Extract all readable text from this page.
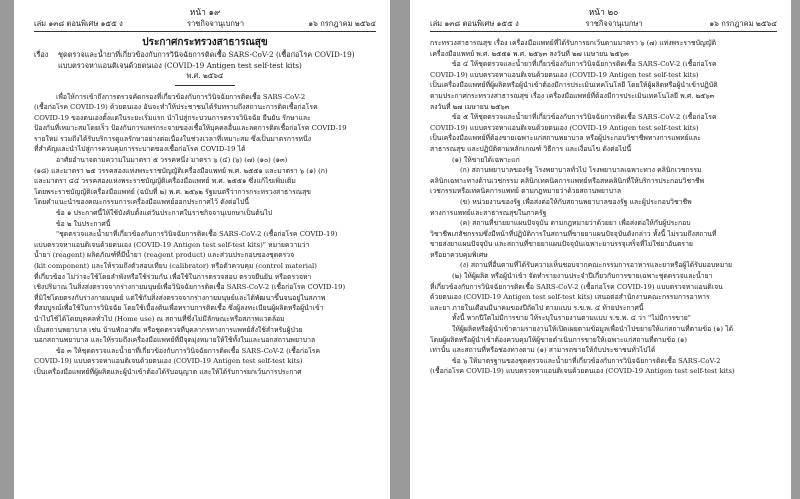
หน้า ๑๙
เล่ม ๑๓๘ ตอนพิเศษ ๑๕๕ ง	ราชกิจจานุเบกษา	๑๖ กรกฎาคม ๒๕๖๔
ประกาศกระทรวงสาธารณสุข

เรื่อง ชุดตรวจและน้ำยาที่เกี่ยวข้องกับการวินิจฉัยการติดเชื้อ SARS-CoV-2 (เชื้อก่อโรค COVID-19)

แบบตรวจหาแอนติเจนด้วยตนเอง (COVID-19 Antigen test self-test kits)

พ.ศ. ๒๕๖๔

เพื่อให้การเข้าถึงการตรวจคัดกรองที่เกี่ยวข้องกับการวินิจฉัยการติดเชื้อ SARS-CoV-2

(เชื้อก่อโรค COVID-19) ด้วยตนเอง อันจะทำให้ประชาชนได้รับทราบถึงสถานะการติดเชื้อก่อโรค

COVID-19 ของตนเองตั้งแต่ในระยะเริ่มแรก นำไปสู่กระบวนการตรวจวินิจฉัย ยืนยัน รักษาและ

ป้องกันที่เหมาะสมโดยเร็ว ป้องกันการแพร่กระจายของเชื้อให้บุคคลอื่นและลดการติดเชื้อก่อโรค COVID-19

รายใหม่ รวมถึงได้รับบริการดูแลรักษาอย่างต่อเนื่องในช่วงเวลาที่เหมาะสม ซึ่งเป็นมาตรการหนึ่ง

ที่สำคัญและนำไปสู่การควบคุมการระบาดของเชื้อก่อโรค COVID-19 ได้

อาศัยอำนาจตามความในมาตรา ๕ วรรคหนึ่ง มาตรา ๖ (๔) (๖) (๗) (๑๐) (๑๓)

(๑๘) และมาตรา ๒๕ วรรคสองแห่งพระราชบัญญัติเครื่องมือแพทย์ พ.ศ. ๒๕๕๑ และมาตรา ๖ (๑) (ก)

และมาตรา ๔๔ วรรคสองแห่งพระราชบัญญัติเครื่องมือแพทย์ พ.ศ. ๒๕๕๑ ซึ่งแก้ไขเพิ่มเติม

โดยพระราชบัญญัติเครื่องมือแพทย์ (ฉบับที่ ๒) พ.ศ. ๒๕๖๒ รัฐมนตรีว่าการกระทรวงสาธารณสุข

โดยคำแนะนำของคณะกรรมการเครื่องมือแพทย์ออกประกาศไว้ ดังต่อไปนี้

ข้อ ๑ ประกาศนี้ให้ใช้บังคับตั้งแต่วันประกาศในราชกิจจานุเบกษาเป็นต้นไป

ข้อ ๒ ในประกาศนี้

"ชุดตรวจและน้ำยาที่เกี่ยวข้องกับการวินิจฉัยการติดเชื้อ SARS-CoV-2 (เชื้อก่อโรค COVID-19)

แบบตรวจหาแอนติเจนด้วยตนเอง (COVID-19 Antigen test self-test kits)" หมายความว่า

น้ำยา (reagent) ผลิตภัณฑ์ที่มีน้ำยา (reagent product) และส่วนประกอบของชุดตรวจ

(kit component) และให้รวมถึงตัวสอบเทียบ (calibrator) หรือตัวควบคุม (control material)

ที่เกี่ยวข้อง ไม่ว่าจะใช้โดยลำพังหรือใช้ร่วมกัน เพื่อใช้ในการตรวจสอบ ตรวจยืนยัน หรือตรวจหา

เชิงปริมาณ ในสิ่งส่งตรวจจากร่างกายมนุษย์เพื่อวินิจฉัยการติดเชื้อ SARS-CoV-2 (เชื้อก่อโรค COVID-19)

ที่มิใช่โดยตรงกับร่างกายมนุษย์ แต่ใช้กับสิ่งส่งตรวจจากร่างกายมนุษย์และได้พัฒนาขึ้นจนอยู่ในสภาพ

ที่สมบูรณ์เพื่อใช้ในการวินิจฉัย โดยใช้เบื้องต้นเพื่อทราบการติดเชื้อ ซึ่งผู้ลงทะเบียนผู้ผลิตหรือผู้นำเข้า

นำไปใช้ได้โดยบุคคลทั่วไป (Home use) ณ สถานที่ซึ่งไม่มีลักษณะหรือสภาพแวดล้อม

เป็นสถานพยาบาล เช่น บ้านพักอาศัย หรือชุดตรวจที่บุคลากรทางการแพทย์สั่งใช้สำหรับผู้ป่วย

นอกสถานพยาบาล และให้รวมถึงเครื่องมือแพทย์ที่มีจุดมุ่งหมายให้ใช้ทั้งในและนอกสถานพยาบาล

ข้อ ๓ ให้ชุดตรวจและน้ำยาที่เกี่ยวข้องกับการวินิจฉัยการติดเชื้อ SARS-CoV-2 (เชื้อก่อโรค

COVID-19) แบบตรวจหาแอนติเจนด้วยตนเอง (COVID-19 Antigen test self-test kits)

เป็นเครื่องมือแพทย์ที่ผู้ผลิตและผู้นำเข้าต้องได้รับอนุญาต และให้ได้รับการยกเว้นการประกาศ

หน้า ๒๐
เล่ม ๑๓๘ ตอนพิเศษ ๑๕๕ ง	ราชกิจจานุเบกษา	๑๖ กรกฎาคม ๒๕๖๔

กระทรวงสาธารณสุข เรื่อง เครื่องมือแพทย์ที่ได้รับการยกเว้นตามมาตรา ๖ (๗) แห่งพระราชบัญญัติ

เครื่องมือแพทย์ พ.ศ. ๒๕๕๑ พ.ศ. ๒๕๖๓ ลงวันที่ ๒๗ เมษายน ๒๕๖๓

ข้อ ๔ ให้ชุดตรวจและน้ำยาที่เกี่ยวข้องกับการวินิจฉัยการติดเชื้อ SARS-CoV-2 (เชื้อก่อโรค

COVID-19) แบบตรวจหาแอนติเจนด้วยตนเอง (COVID-19 Antigen test self-test kits)

เป็นเครื่องมือแพทย์ที่ผู้ผลิตหรือผู้นำเข้าต้องมีการประเมินเทคโนโลยี โดยให้ผู้ผลิตหรือผู้นำเข้าปฏิบัติ

ตามประกาศกระทรวงสาธารณสุข เรื่อง เครื่องมือแพทย์ที่ต้องมีการประเมินเทคโนโลยี พ.ศ. ๒๕๖๓

ลงวันที่ ๒๗ เมษายน ๒๕๖๓

ข้อ ๕ ให้ชุดตรวจและน้ำยาที่เกี่ยวข้องกับการวินิจฉัยการติดเชื้อ SARS-CoV-2 (เชื้อก่อโรค

COVID-19) แบบตรวจหาแอนติเจนด้วยตนเอง (COVID-19 Antigen test self-test kits)

เป็นเครื่องมือแพทย์ที่ต้องขายเฉพาะแก่สถานพยาบาล หรือผู้ประกอบวิชาชีพทางการแพทย์และ

สาธารณสุข และปฏิบัติตามหลักเกณฑ์ วิธีการ และเงื่อนไข ดังต่อไปนี้

(๑) ให้ขายได้เฉพาะแก่

(ก) สถานพยาบาลของรัฐ โรงพยาบาลทั่วไป โรงพยาบาลเฉพาะทาง คลินิกเวชกรรม

คลินิกเฉพาะทางด้านเวชกรรม คลินิกเทคนิคการแพทย์หรือสหคลินิกที่ให้บริการประกอบวิชาชีพ

เวชกรรมหรือเทคนิคการแพทย์ ตามกฎหมายว่าด้วยสถานพยาบาล

(ข) หน่วยงานของรัฐ เพื่อส่งต่อให้กับสถานพยาบาลของรัฐ และผู้ประกอบวิชาชีพ

ทางการแพทย์และสาธารณสุขในภาครัฐ

(ค) สถานที่ขายยาแผนปัจจุบัน ตามกฎหมายว่าด้วยยา เพื่อส่งต่อให้กับผู้ประกอบ

วิชาชีพเภสัชกรรมซึ่งมีหน้าที่ปฏิบัติการในสถานที่ขายยาแผนปัจจุบันดังกล่าว ทั้งนี้ ไม่รวมถึงสถานที่

ขายส่งยาแผนปัจจุบัน และสถานที่ขายยาแผนปัจจุบันเฉพาะยาบรรจุเสร็จที่ไม่ใช่ยาอันตราย

หรือยาควบคุมพิเศษ

(ง) สถานที่อื่นตามที่ได้รับความเห็นชอบจากคณะกรรมการอาหารและยาหรือผู้ได้รับมอบหมาย

(๒) ให้ผู้ผลิต หรือผู้นำเข้า จัดทำรายงานประจำปีเกี่ยวกับการขายเฉพาะชุดตรวจและน้ำยา

ที่เกี่ยวข้องกับการวินิจฉัยการติดเชื้อ SARS-CoV-2 (เชื้อก่อโรค COVID-19) แบบตรวจหาแอนติเจน

ด้วยตนเอง (COVID-19 Antigen test self-test kits) เสนอต่อสำนักงานคณะกรรมการอาหาร

และยา ภายในเดือนมีนาคมของปีถัดไป ตามแบบ ร.ข.พ. ๔ ท้ายประกาศนี้

ทั้งนี้ หากปีใดไม่มีการขาย ให้ระบุในรายงานตามแบบ ร.ข.พ. ๔ ว่า "ไม่มีการขาย"

ให้ผู้ผลิตหรือผู้นำเข้าตามรายงานให้เปิดเผยตามข้อมูลเพื่อนำไปขยายให้แก่สถานที่ตามข้อ (๑) ได้

โดยผู้ผลิตหรือผู้นำเข้าต้องควบคุมให้ผู้ขายดำเนินการขายให้เฉพาะแก่สถานที่ตามข้อ (๑)

เท่านั้น และสถานที่หรือช่องทางตาม (๑) สามารถขายให้กับประชาชนทั่วไปได้

ข้อ ๖ ให้มาตรฐานของชุดตรวจและน้ำยาที่เกี่ยวข้องกับการวินิจฉัยการติดเชื้อ SARS-CoV-2

(เชื้อก่อโรค COVID-19) แบบตรวจหาแอนติเจนด้วยตนเอง (COVID-19 Antigen test self-test kits)
